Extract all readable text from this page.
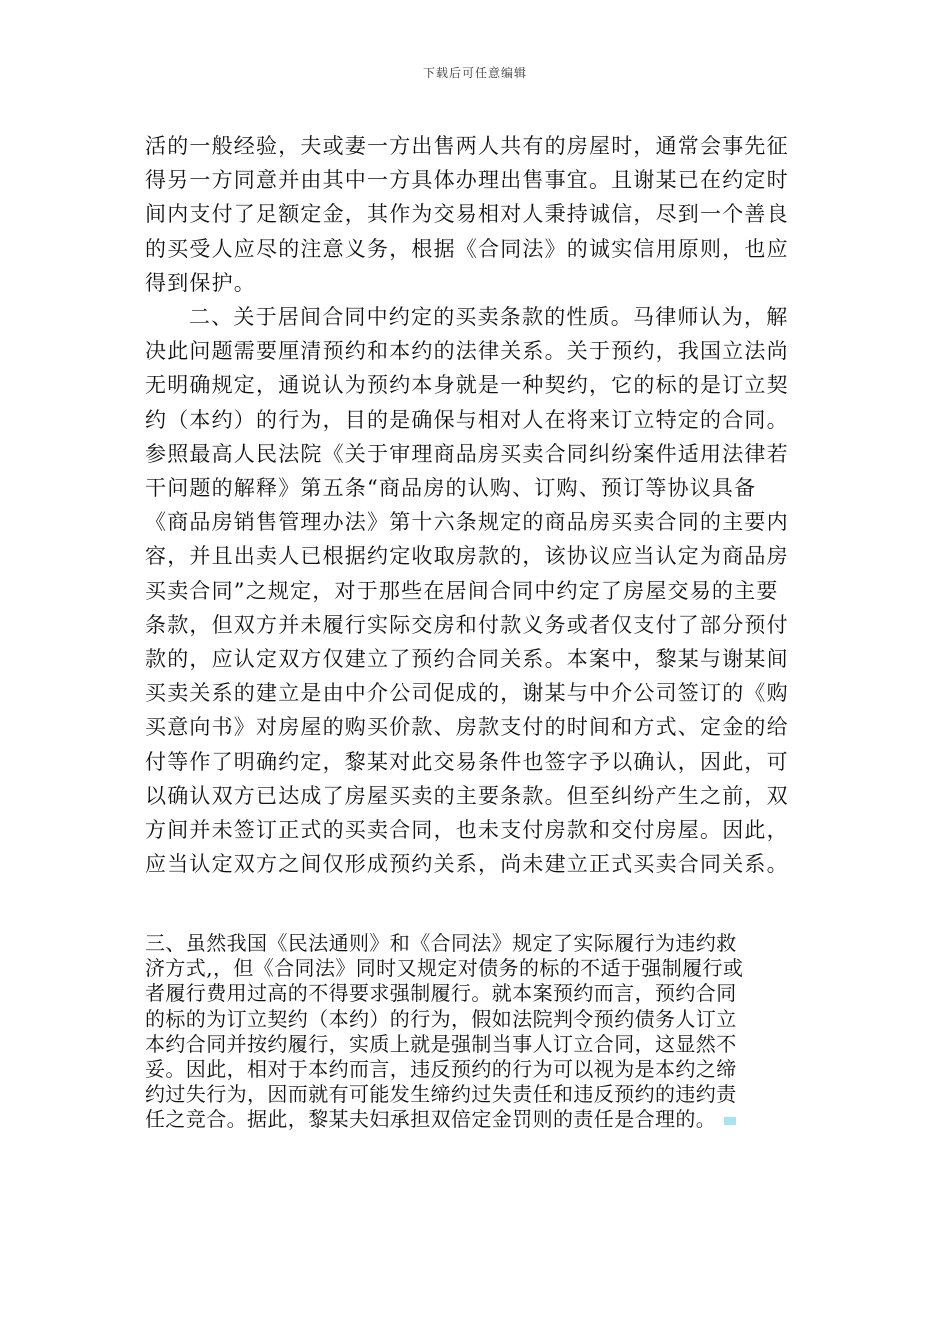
下载后可任意编辑
活的一般经验，夫或妻一方出售两人共有的房屋时，通常会事先征
得另一方同意并由其中一方具体办理出售事宜。且谢某已在约定时
间内支付了足额定金，其作为交易相对人秉持诚信，尽到一个善良
的买受人应尽的注意义务，根据《合同法》的诚实信用原则，也应
得到保护。
二、关于居间合同中约定的买卖条款的性质。马律师认为，解
决此问题需要厘清预约和本约的法律关系。关于预约，我国立法尚
无明确规定，通说认为预约本身就是一种契约，它的标的是订立契
约（本约）的行为，目的是确保与相对人在将来订立特定的合同。
参照最高人民法院《关于审理商品房买卖合同纠纷案件适用法律若
干问题的解释》第五条“商品房的认购、订购、预订等协议具备
《商品房销售管理办法》第十六条规定的商品房买卖合同的主要内
容，并且出卖人已根据约定收取房款的，该协议应当认定为商品房
买卖合同”之规定，对于那些在居间合同中约定了房屋交易的主要
条款，但双方并未履行实际交房和付款义务或者仅支付了部分预付
款的，应认定双方仅建立了预约合同关系。本案中，黎某与谢某间
买卖关系的建立是由中介公司促成的，谢某与中介公司签订的《购
买意向书》对房屋的购买价款、房款支付的时间和方式、定金的给
付等作了明确约定，黎某对此交易条件也签字予以确认，因此，可
以确认双方已达成了房屋买卖的主要条款。但至纠纷产生之前，双
方间并未签订正式的买卖合同，也未支付房款和交付房屋。因此，
应当认定双方之间仅形成预约关系，尚未建立正式买卖合同关系。
三、虽然我国《民法通则》和《合同法》规定了实际履行为违约救
济方式,，但《合同法》同时又规定对债务的标的不适于强制履行或
者履行费用过高的不得要求强制履行。就本案预约而言，预约合同
的标的为订立契约（本约）的行为，假如法院判令预约债务人订立
本约合同并按约履行，实质上就是强制当事人订立合同，这显然不
妥。因此，相对于本约而言，违反预约的行为可以视为是本约之缔
约过失行为，因而就有可能发生缔约过失责任和违反预约的违约责
任之竞合。据此，黎某夫妇承担双倍定金罚则的责任是合理的。
